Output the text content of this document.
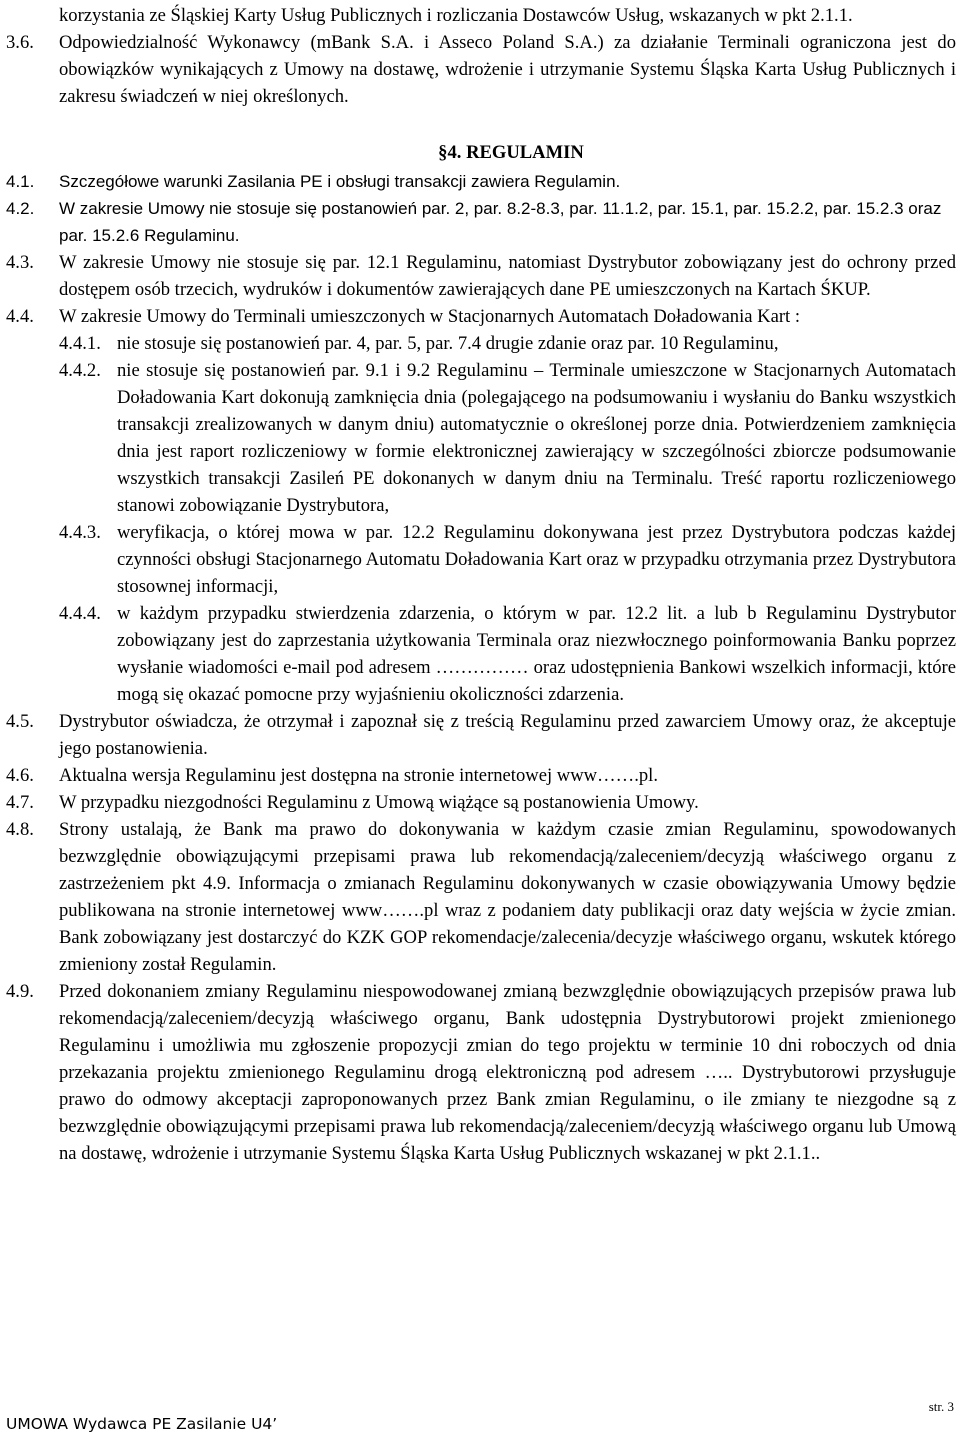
korzystania ze Śląskiej Karty Usług Publicznych i rozliczania Dostawców Usług, wskazanych w pkt 2.1.1.

3.6.	Odpowiedzialność Wykonawcy (mBank S.A. i Asseco Poland S.A.) za działanie Terminali ograniczona jest do obowiązków wynikających z Umowy na dostawę, wdrożenie i utrzymanie Systemu Śląska Karta Usług Publicznych i zakresu świadczeń w niej określonych.

§4. REGULAMIN

4.1.	Szczegółowe warunki Zasilania PE i obsługi transakcji zawiera Regulamin.
4.2.	W zakresie Umowy nie stosuje się postanowień par. 2, par. 8.2-8.3, par. 11.1.2, par. 15.1, par. 15.2.2, par. 15.2.3 oraz par. 15.2.6 Regulaminu.
4.3.	W zakresie Umowy nie stosuje się par. 12.1 Regulaminu, natomiast Dystrybutor zobowiązany jest do ochrony przed dostępem osób trzecich, wydruków i dokumentów zawierających dane PE umieszczonych na Kartach ŚKUP.
4.4.	W zakresie Umowy do Terminali umieszczonych w Stacjonarnych Automatach Doładowania Kart :

4.4.1. nie stosuje się postanowień par. 4, par. 5, par. 7.4 drugie zdanie oraz par. 10 Regulaminu,
4.4.2. nie stosuje się postanowień par. 9.1 i 9.2 Regulaminu – Terminale umieszczone w Stacjonarnych Automatach Doładowania Kart dokonują zamknięcia dnia (polegającego na podsumowaniu i wysłaniu do Banku wszystkich transakcji zrealizowanych w danym dniu) automatycznie o określonej porze dnia. Potwierdzeniem zamknięcia dnia jest raport rozliczeniowy w formie elektronicznej zawierający w szczególności zbiorcze podsumowanie wszystkich transakcji Zasileń PE dokonanych w danym dniu na Terminalu. Treść raportu rozliczeniowego stanowi zobowiązanie Dystrybutora,
4.4.3. weryfikacja, o której mowa w par. 12.2 Regulaminu dokonywana jest przez Dystrybutora podczas każdej czynności obsługi Stacjonarnego Automatu Doładowania Kart oraz w przypadku otrzymania przez Dystrybutora stosownej informacji,
4.4.4. w każdym przypadku stwierdzenia zdarzenia, o którym w par. 12.2 lit. a lub b Regulaminu Dystrybutor zobowiązany jest do zaprzestania użytkowania Terminala oraz niezwłocznego poinformowania Banku poprzez wysłanie wiadomości e-mail pod adresem …………… oraz udostępnienia Bankowi wszelkich informacji, które mogą się okazać pomocne przy wyjaśnieniu okoliczności zdarzenia.
4.5.	Dystrybutor oświadcza, że otrzymał i zapoznał się z treścią Regulaminu przed zawarciem Umowy oraz, że akceptuje jego postanowienia.
4.6.	Aktualna wersja Regulaminu jest dostępna na stronie internetowej www…….pl.
4.7.	W przypadku niezgodności Regulaminu z Umową wiążące są postanowienia Umowy.
4.8.	Strony ustalają, że Bank ma prawo do dokonywania w każdym czasie zmian Regulaminu, spowodowanych bezwzględnie obowiązującymi przepisami prawa lub rekomendacją/zaleceniem/decyzją właściwego organu z zastrzeżeniem pkt 4.9. Informacja o zmianach Regulaminu dokonywanych w czasie obowiązywania Umowy będzie publikowana na stronie internetowej www…….pl wraz z podaniem daty publikacji oraz daty wejścia w życie zmian. Bank zobowiązany jest dostarczyć do KZK GOP rekomendacje/zalecenia/decyzje właściwego organu, wskutek którego zmieniony został Regulamin.
4.9.	Przed dokonaniem zmiany Regulaminu niespowodowanej zmianą bezwzględnie obowiązujących przepisów prawa lub rekomendacją/zaleceniem/decyzją właściwego organu, Bank udostępnia Dystrybutorowi projekt zmienionego Regulaminu i umożliwia mu zgłoszenie propozycji zmian do tego projektu w terminie 10 dni roboczych od dnia przekazania projektu zmienionego Regulaminu drogą elektroniczną pod adresem ….. Dystrybutorowi przysługuje prawo do odmowy akceptacji zaproponowanych przez Bank zmian Regulaminu, o ile zmiany te niezgodne są z bezwzględnie obowiązującymi przepisami prawa lub rekomendacją/zaleceniem/decyzją właściwego organu lub Umową na dostawę, wdrożenie i utrzymanie Systemu Śląska Karta Usług Publicznych wskazanej w pkt 2.1.1..
str. 3
UMOWA Wydawca PE Zasilanie U4’
